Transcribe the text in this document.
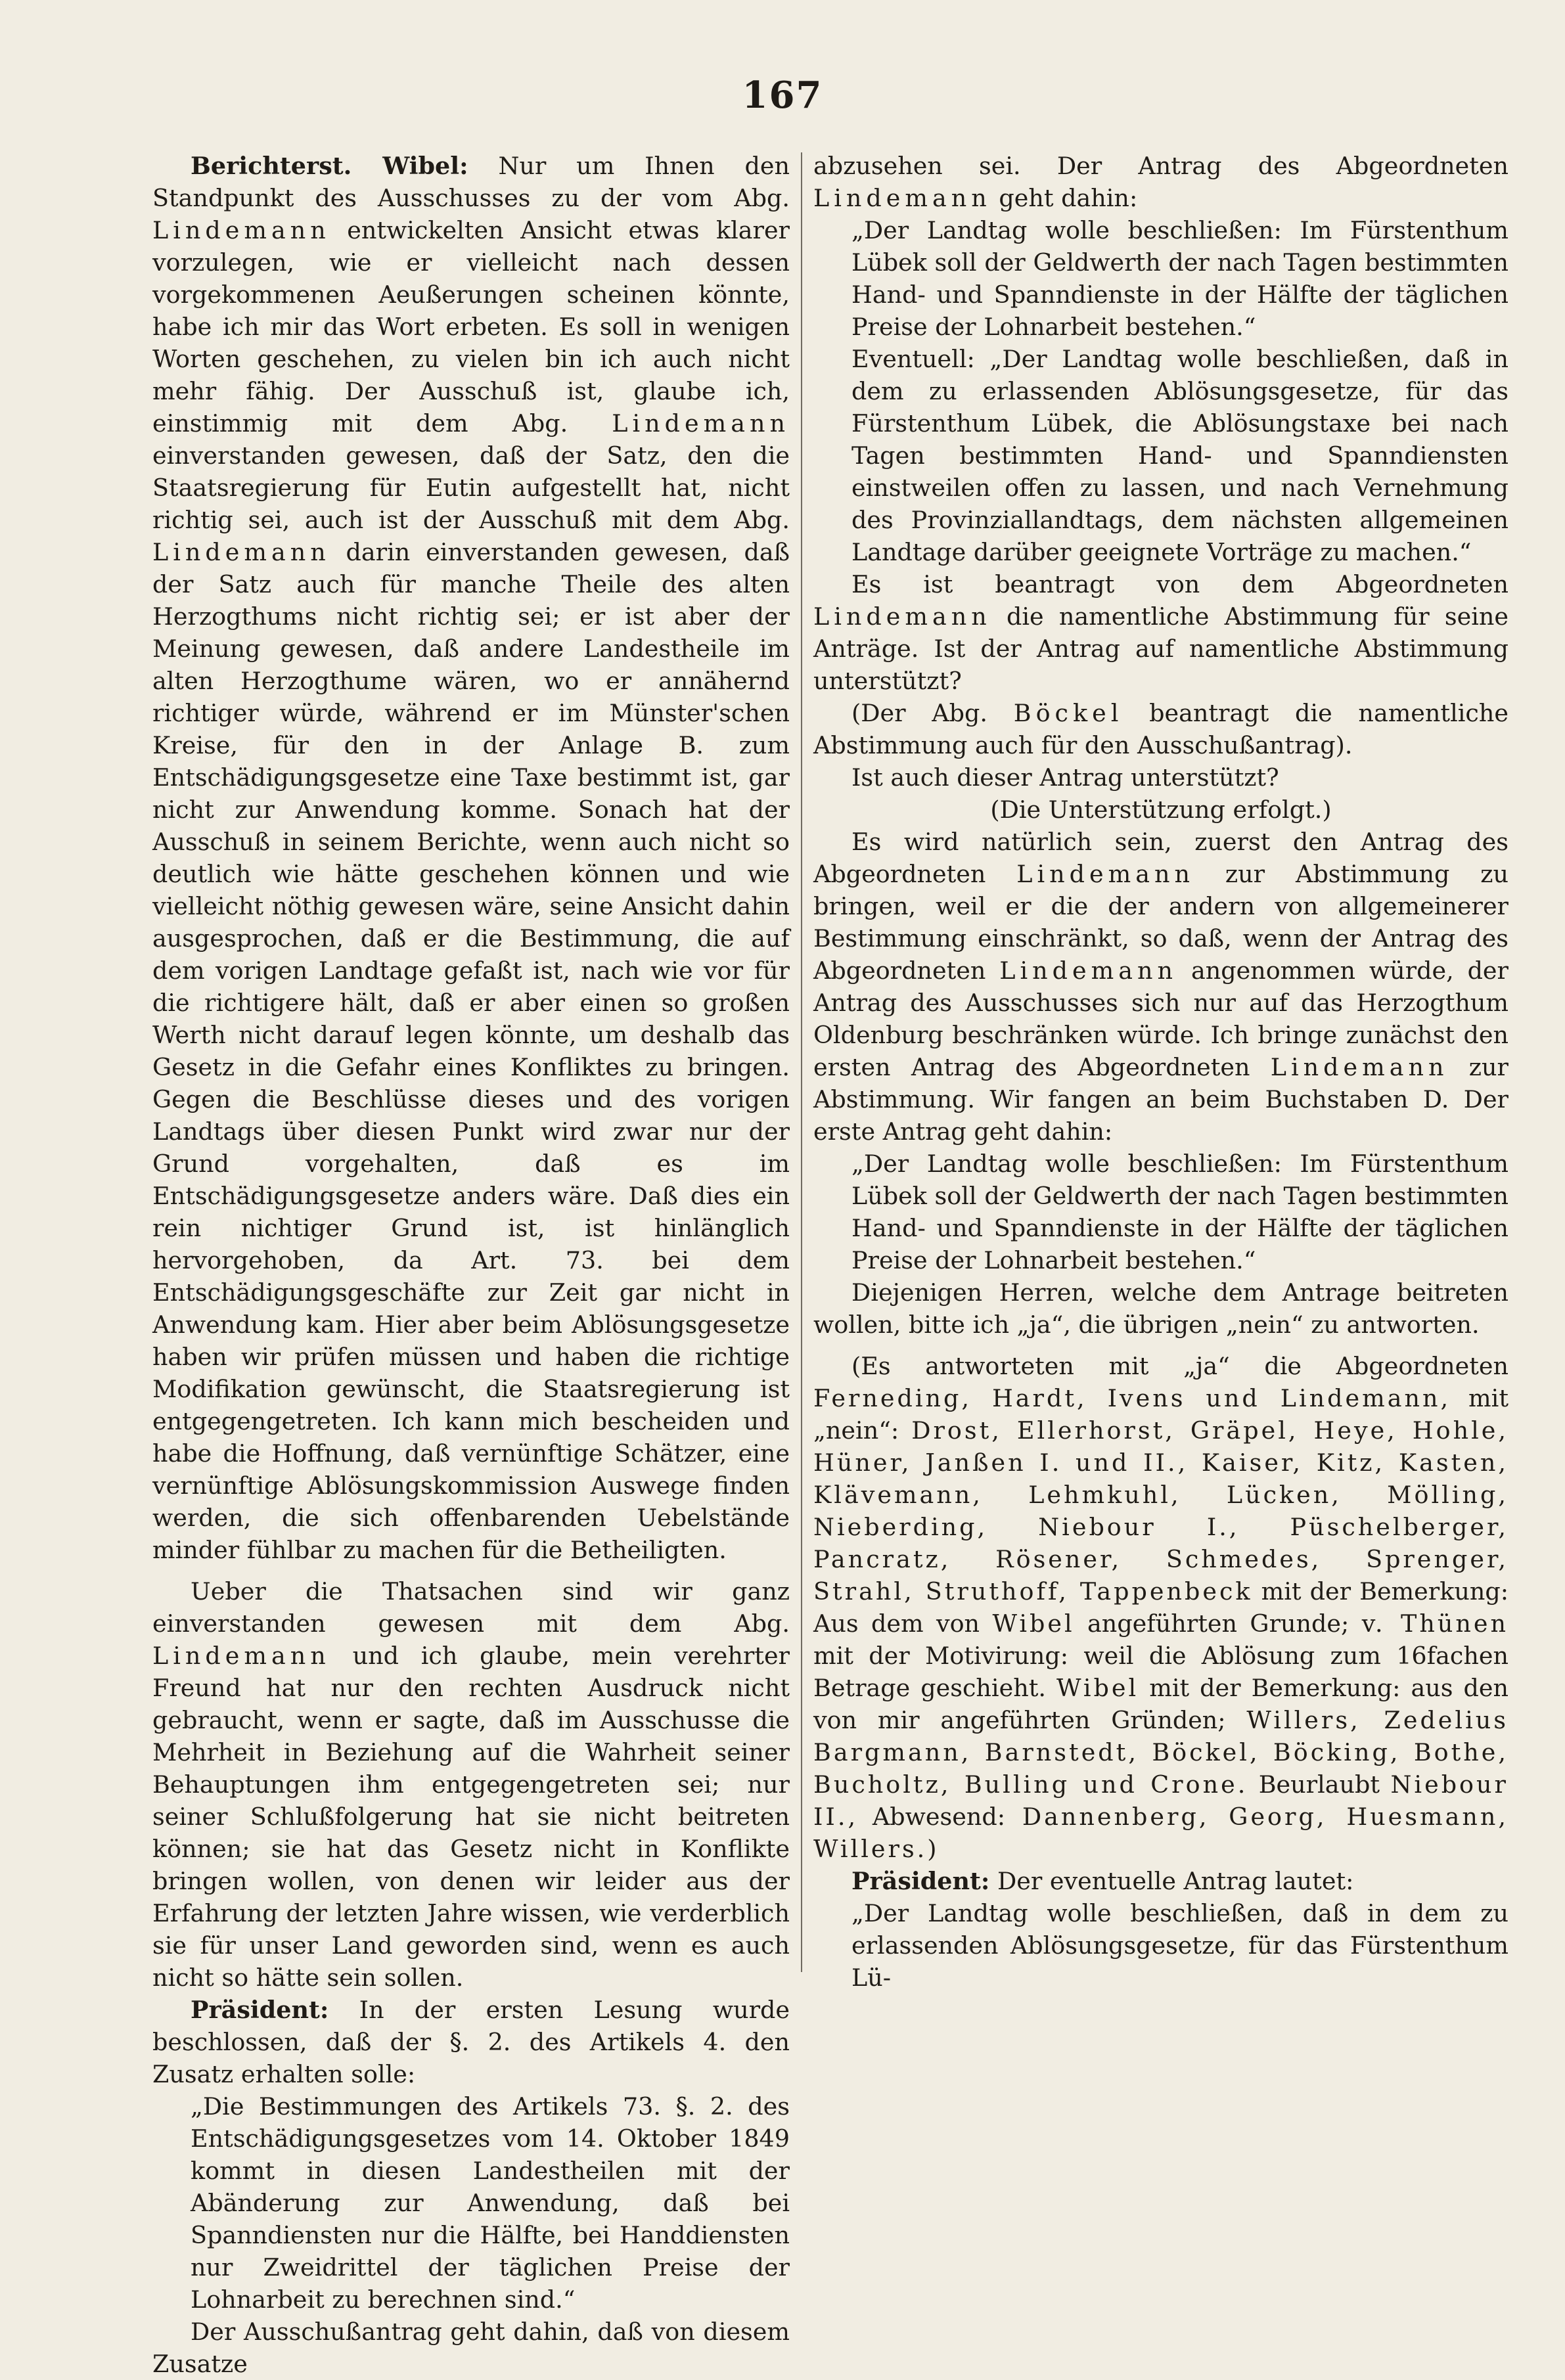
167

Berichterst. Wibel: Nur um Ihnen den Standpunkt des Ausschusses zu der vom Abg. Lindemann entwickelten Ansicht etwas klarer vorzulegen, wie er vielleicht nach dessen vorgekommenen Aeußerungen scheinen könnte, habe ich mir das Wort erbeten. Es soll in wenigen Worten geschehen, zu vielen bin ich auch nicht mehr fähig. Der Ausschuß ist, glaube ich, einstimmig mit dem Abg. Lindemann einverstanden gewesen, daß der Satz, den die Staatsregierung für Eutin aufgestellt hat, nicht richtig sei, auch ist der Ausschuß mit dem Abg. Lindemann darin einverstanden gewesen, daß der Satz auch für manche Theile des alten Herzogthums nicht richtig sei; er ist aber der Meinung gewesen, daß andere Landestheile im alten Herzogthume wären, wo er annähernd richtiger würde, während er im Münster'schen Kreise, für den in der Anlage B. zum Entschädigungsgesetze eine Taxe bestimmt ist, gar nicht zur Anwendung komme. Sonach hat der Ausschuß in seinem Berichte, wenn auch nicht so deutlich wie hätte geschehen können und wie vielleicht nöthig gewesen wäre, seine Ansicht dahin ausgesprochen, daß er die Bestimmung, die auf dem vorigen Landtage gefaßt ist, nach wie vor für die richtigere hält, daß er aber einen so großen Werth nicht darauf legen könnte, um deshalb das Gesetz in die Gefahr eines Konfliktes zu bringen. Gegen die Beschlüsse dieses und des vorigen Landtags über diesen Punkt wird zwar nur der Grund vorgehalten, daß es im Entschädigungsgesetze anders wäre. Daß dies ein rein nichtiger Grund ist, ist hinlänglich hervorgehoben, da Art. 73. bei dem Entschädigungsgeschäfte zur Zeit gar nicht in Anwendung kam. Hier aber beim Ablösungsgesetze haben wir prüfen müssen und haben die richtige Modifikation gewünscht, die Staatsregierung ist entgegengetreten. Ich kann mich bescheiden und habe die Hoffnung, daß vernünftige Schätzer, eine vernünftige Ablösungskommission Auswege finden werden, die sich offenbarenden Uebelstände minder fühlbar zu machen für die Betheiligten.

Ueber die Thatsachen sind wir ganz einverstanden gewesen mit dem Abg. Lindemann und ich glaube, mein verehrter Freund hat nur den rechten Ausdruck nicht gebraucht, wenn er sagte, daß im Ausschusse die Mehrheit in Beziehung auf die Wahrheit seiner Behauptungen ihm entgegengetreten sei; nur seiner Schlußfolgerung hat sie nicht beitreten können; sie hat das Gesetz nicht in Konflikte bringen wollen, von denen wir leider aus der Erfahrung der letzten Jahre wissen, wie verderblich sie für unser Land geworden sind, wenn es auch nicht so hätte sein sollen.

Präsident: In der ersten Lesung wurde beschlossen, daß der §. 2. des Artikels 4. den Zusatz erhalten solle:

„Die Bestimmungen des Artikels 73. §. 2. des Entschädigungsgesetzes vom 14. Oktober 1849 kommt in diesen Landestheilen mit der Abänderung zur Anwendung, daß bei Spanndiensten nur die Hälfte, bei Handdiensten nur Zweidrittel der täglichen Preise der Lohnarbeit zu berechnen sind.“

Der Ausschußantrag geht dahin, daß von diesem Zusatze

abzusehen sei. Der Antrag des Abgeordneten Lindemann geht dahin:

„Der Landtag wolle beschließen: Im Fürstenthum Lübek soll der Geldwerth der nach Tagen bestimmten Hand- und Spanndienste in der Hälfte der täglichen Preise der Lohnarbeit bestehen.“

Eventuell: „Der Landtag wolle beschließen, daß in dem zu erlassenden Ablösungsgesetze, für das Fürstenthum Lübek, die Ablösungstaxe bei nach Tagen bestimmten Hand- und Spanndiensten einstweilen offen zu lassen, und nach Vernehmung des Provinziallandtags, dem nächsten allgemeinen Landtage darüber geeignete Vorträge zu machen.“

Es ist beantragt von dem Abgeordneten Lindemann die namentliche Abstimmung für seine Anträge. Ist der Antrag auf namentliche Abstimmung unterstützt?

(Der Abg. Böckel beantragt die namentliche Abstimmung auch für den Ausschußantrag).

Ist auch dieser Antrag unterstützt?

(Die Unterstützung erfolgt.)

Es wird natürlich sein, zuerst den Antrag des Abgeordneten Lindemann zur Abstimmung zu bringen, weil er die der andern von allgemeinerer Bestimmung einschränkt, so daß, wenn der Antrag des Abgeordneten Lindemann angenommen würde, der Antrag des Ausschusses sich nur auf das Herzogthum Oldenburg beschränken würde. Ich bringe zunächst den ersten Antrag des Abgeordneten Lindemann zur Abstimmung. Wir fangen an beim Buchstaben D. Der erste Antrag geht dahin:

„Der Landtag wolle beschließen: Im Fürstenthum Lübek soll der Geldwerth der nach Tagen bestimmten Hand- und Spanndienste in der Hälfte der täglichen Preise der Lohnarbeit bestehen.“

Diejenigen Herren, welche dem Antrage beitreten wollen, bitte ich „ja“, die übrigen „nein“ zu antworten.

(Es antworteten mit „ja“ die Abgeordneten Ferneding, Hardt, Ivens und Lindemann, mit „nein“: Drost, Ellerhorst, Gräpel, Heye, Hohle, Hüner, Janßen I. und II., Kaiser, Kitz, Kasten, Klävemann, Lehmkuhl, Lücken, Mölling, Nieberding, Niebour I., Püschelberger, Pancratz, Rösener, Schmedes, Sprenger, Strahl, Struthoff, Tappenbeck mit der Bemerkung: Aus dem von Wibel angeführten Grunde; v. Thünen mit der Motivirung: weil die Ablösung zum 16fachen Betrage geschieht. Wibel mit der Bemerkung: aus den von mir angeführten Gründen; Willers, Zedelius Bargmann, Barnstedt, Böckel, Böcking, Bothe, Bucholtz, Bulling und Crone. Beurlaubt Niebour II., Abwesend: Dannenberg, Georg, Huesmann, Willers.)

Präsident: Der eventuelle Antrag lautet:

„Der Landtag wolle beschließen, daß in dem zu erlassenden Ablösungsgesetze, für das Fürstenthum Lü-
